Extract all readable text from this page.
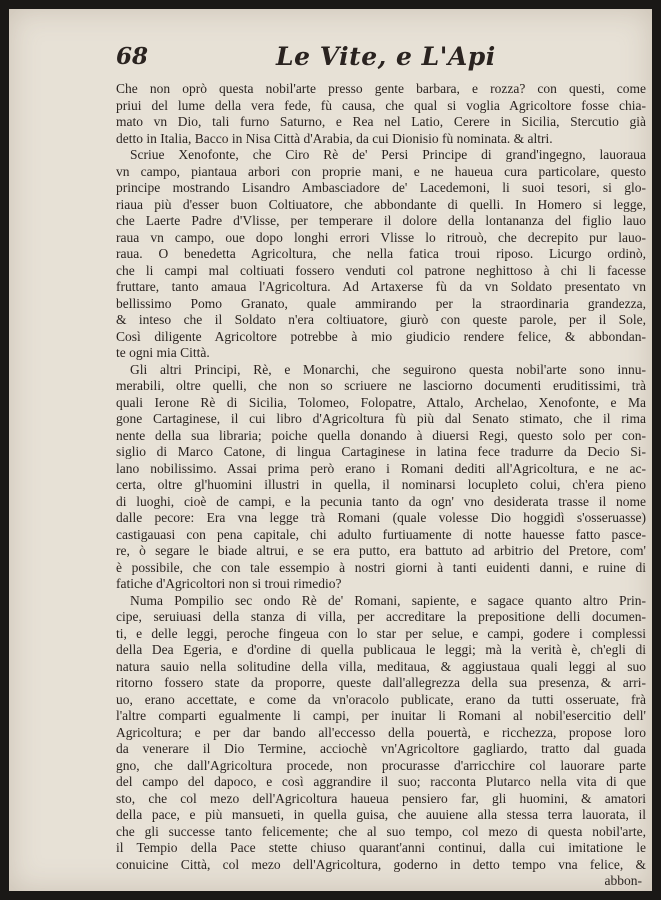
68	Le Vite, e L'Api
Che non oprò questa nobil'arte presso gente barbara, e rozza? con questi, come
priui del lume della vera fede, fù causa, che qual si voglia Agricoltore fosse chia-
mato vn Dio, tali furno Saturno, e Rea nel Latio, Cerere in Sicilia, Stercutio già
detto in Italia, Bacco in Nisa Città d'Arabia, da cui Dionisio fù nominata. & altri.
Scriue Xenofonte, che Ciro Rè de' Persi Principe di grand'ingegno, lauoraua
vn campo, piantaua arbori con proprie mani, e ne haueua cura particolare, questo
principe mostrando Lisandro Ambasciadore de' Lacedemoni, li suoi tesori, si glo-
riaua più d'esser buon Coltiuatore, che abbondante di quelli. In Homero si legge,
che Laerte Padre d'Vlisse, per temperare il dolore della lontananza del figlio lauo
raua vn campo, oue dopo longhi errori Vlisse lo ritrouò, che decrepito pur lauo-
raua. O benedetta Agricoltura, che nella fatica troui riposo. Licurgo ordinò,
che li campi mal coltiuati fossero venduti col patrone neghittoso à chi li facesse
fruttare, tanto amaua l'Agricoltura. Ad Artaxerse fù da vn Soldato presentato vn
bellissimo Pomo Granato, quale ammirando per la straordinaria grandezza,
& inteso che il Soldato n'era coltiuatore, giurò con queste parole, per il Sole,
Così diligente Agricoltore potrebbe à mio giudicio rendere felice, & abbondan-
te ogni mia Città.
Gli altri Principi, Rè, e Monarchi, che seguirono questa nobil'arte sono innu-
merabili, oltre quelli, che non so scriuere ne lasciorno documenti eruditissimi, trà
quali Ierone Rè di Sicilia, Tolomeo, Folopatre, Attalo, Archelao, Xenofonte, e Ma
gone Cartaginese, il cui libro d'Agricoltura fù più dal Senato stimato, che il rima
nente della sua libraria; poiche quella donando à diuersi Regi, questo solo per con-
siglio di Marco Catone, di lingua Cartaginese in latina fece tradurre da Decio Si-
lano nobilissimo. Assai prima però erano i Romani dediti all'Agricoltura, e ne ac-
certa, oltre gl'huomini illustri in quella, il nominarsi locupleto colui, ch'era pieno
di luoghi, cioè de campi, e la pecunia tanto da ogn' vno desiderata trasse il nome
dalle pecore: Era vna legge trà Romani (quale volesse Dio hoggidì s'osseruasse)
castigauasi con pena capitale, chi adulto furtiuamente di notte hauesse fatto pasce-
re, ò segare le biade altrui, e se era putto, era battuto ad arbitrio del Pretore, com'
è possibile, che con tale essempio à nostri giorni à tanti euidenti danni, e ruine di
fatiche d'Agricoltori non si troui rimedio?
Numa Pompilio sec ondo Rè de' Romani, sapiente, e sagace quanto altro Prin-
cipe, seruiuasi della stanza di villa, per accreditare la prepositione delli documen-
ti, e delle leggi, peroche fingeua con lo star per selue, e campi, godere i complessi
della Dea Egeria, e d'ordine di quella publicaua le leggi; mà la verità è, ch'egli di
natura sauio nella solitudine della villa, meditaua, & aggiustaua quali leggi al suo
ritorno fossero state da proporre, queste dall'allegrezza della sua presenza, & arri-
uo, erano accettate, e come da vn'oracolo publicate, erano da tutti osseruate, frà
l'altre comparti egualmente li campi, per inuitar li Romani al nobil'esercitio dell'
Agricoltura; e per dar bando all'eccesso della pouertà, e ricchezza, propose loro
da venerare il Dio Termine, acciochè vn'Agricoltore gagliardo, tratto dal guada
gno, che dall'Agricoltura procede, non procurasse d'arricchire col lauorare parte
del campo del dapoco, e così aggrandire il suo; racconta Plutarco nella vita di que
sto, che col mezo dell'Agricoltura haueua pensiero far, gli huomini, & amatori
della pace, e più mansueti, in quella guisa, che auuiene alla stessa terra lauorata, il
che gli successe tanto felicemente; che al suo tempo, col mezo di questa nobil'arte,
il Tempio della Pace stette chiuso quarant'anni continui, dalla cui imitatione le
conuicine Città, col mezo dell'Agricoltura, goderno in detto tempo vna felice, &
abbon-
